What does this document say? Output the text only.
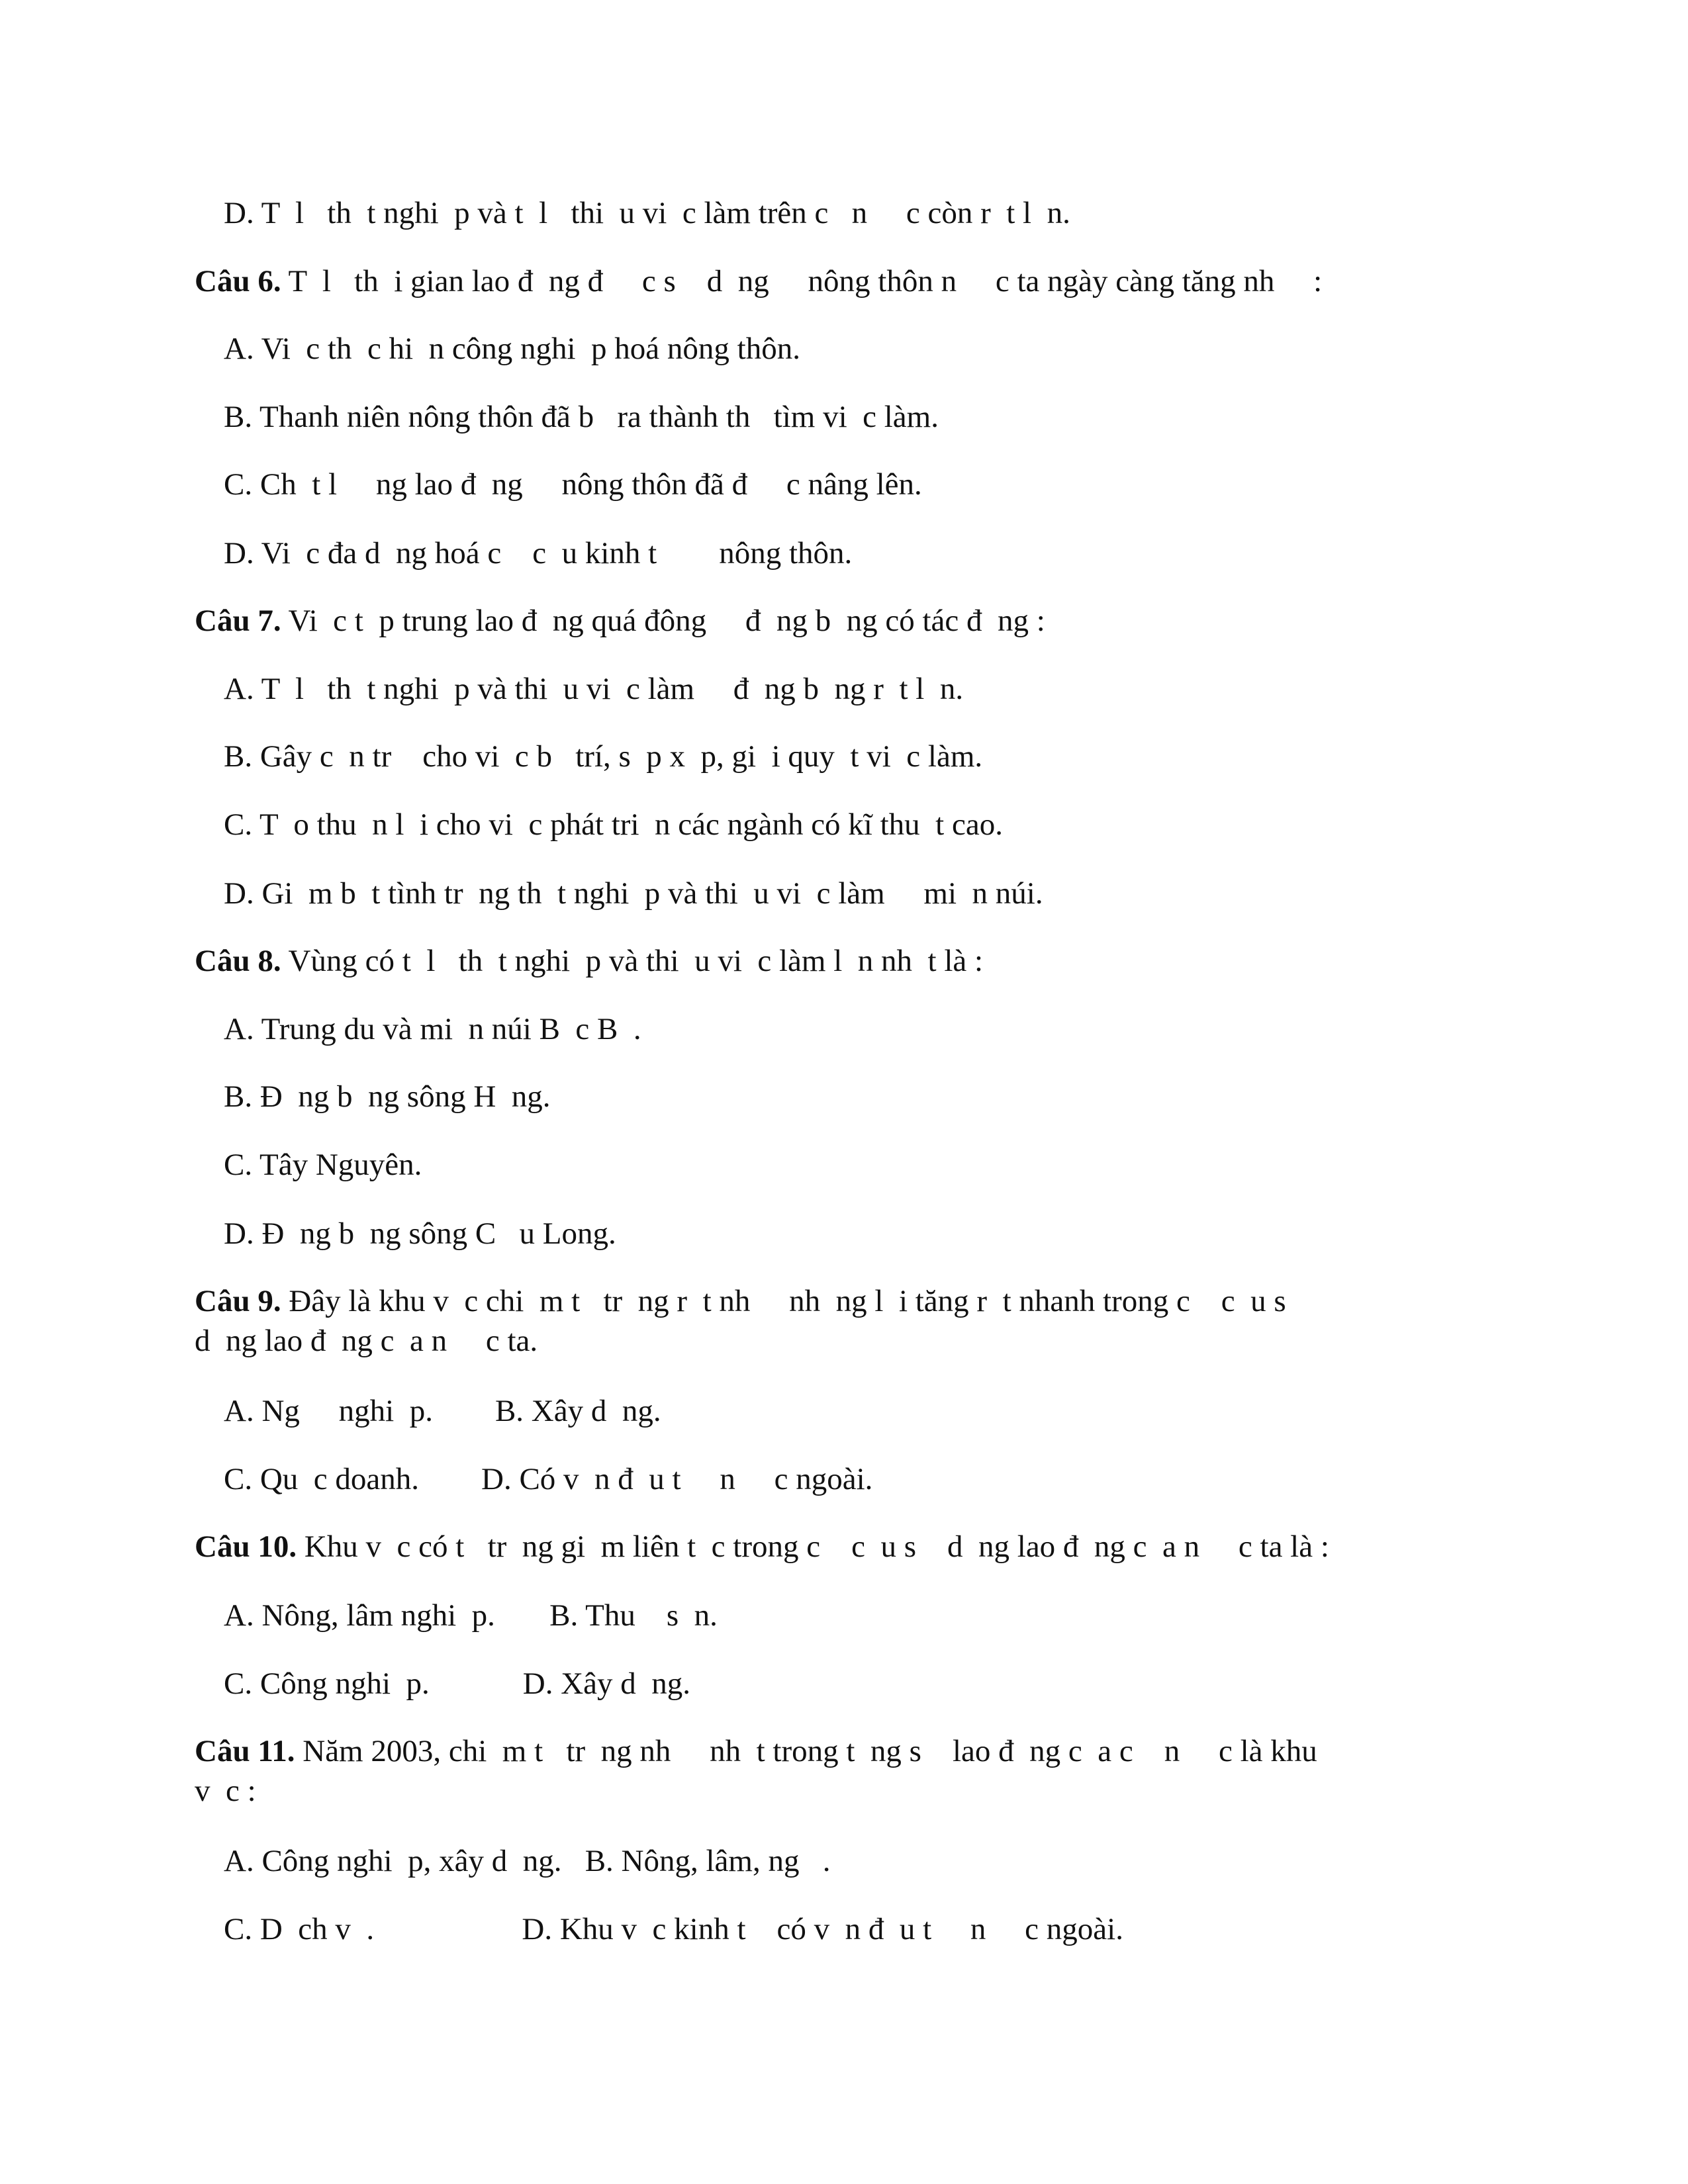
D. T  l   th  t nghi  p và t  l   thi  u vi  c làm trên c   n     c còn r  t l  n.
Câu 6. T  l   th  i gian lao đ  ng đ     c s    d  ng     nông thôn n     c ta ngày càng tăng nh     :
A. Vi  c th  c hi  n công nghi  p hoá nông thôn.
B. Thanh niên nông thôn đã b   ra thành th   tìm vi  c làm.
C. Ch  t l     ng lao đ  ng     nông thôn đã đ     c nâng lên.
D. Vi  c đa d  ng hoá c    c  u kinh t        nông thôn.
Câu 7. Vi  c t  p trung lao đ  ng quá đông     đ  ng b  ng có tác đ  ng :
A. T  l   th  t nghi  p và thi  u vi  c làm     đ  ng b  ng r  t l  n.
B. Gây c  n tr    cho vi  c b   trí, s  p x  p, gi  i quy  t vi  c làm.
C. T  o thu  n l  i cho vi  c phát tri  n các ngành có kĩ thu  t cao.
D. Gi  m b  t tình tr  ng th  t nghi  p và thi  u vi  c làm     mi  n núi.
Câu 8. Vùng có t  l   th  t nghi  p và thi  u vi  c làm l  n nh  t là :
A. Trung du và mi  n núi B  c B  .
B. Đ  ng b  ng sông H  ng.
C. Tây Nguyên.
D. Đ  ng b  ng sông C   u Long.
Câu 9. Đây là khu v  c chi  m t   tr  ng r  t nh     nh  ng l  i tăng r  t nhanh trong c    c  u s
d  ng lao đ  ng c  a n     c ta.
A. Ng     nghi  p.        B. Xây d  ng.
C. Qu  c doanh.        D. Có v  n đ  u t     n     c ngoài.
Câu 10. Khu v  c có t   tr  ng gi  m liên t  c trong c    c  u s    d  ng lao đ  ng c  a n     c ta là :
A. Nông, lâm nghi  p.       B. Thu    s  n.
C. Công nghi  p.            D. Xây d  ng.
Câu 11. Năm 2003, chi  m t   tr  ng nh     nh  t trong t  ng s    lao đ  ng c  a c    n     c là khu
v  c :
A. Công nghi  p, xây d  ng.   B. Nông, lâm, ng   .
C. D  ch v  .                   D. Khu v  c kinh t    có v  n đ  u t     n     c ngoài.
